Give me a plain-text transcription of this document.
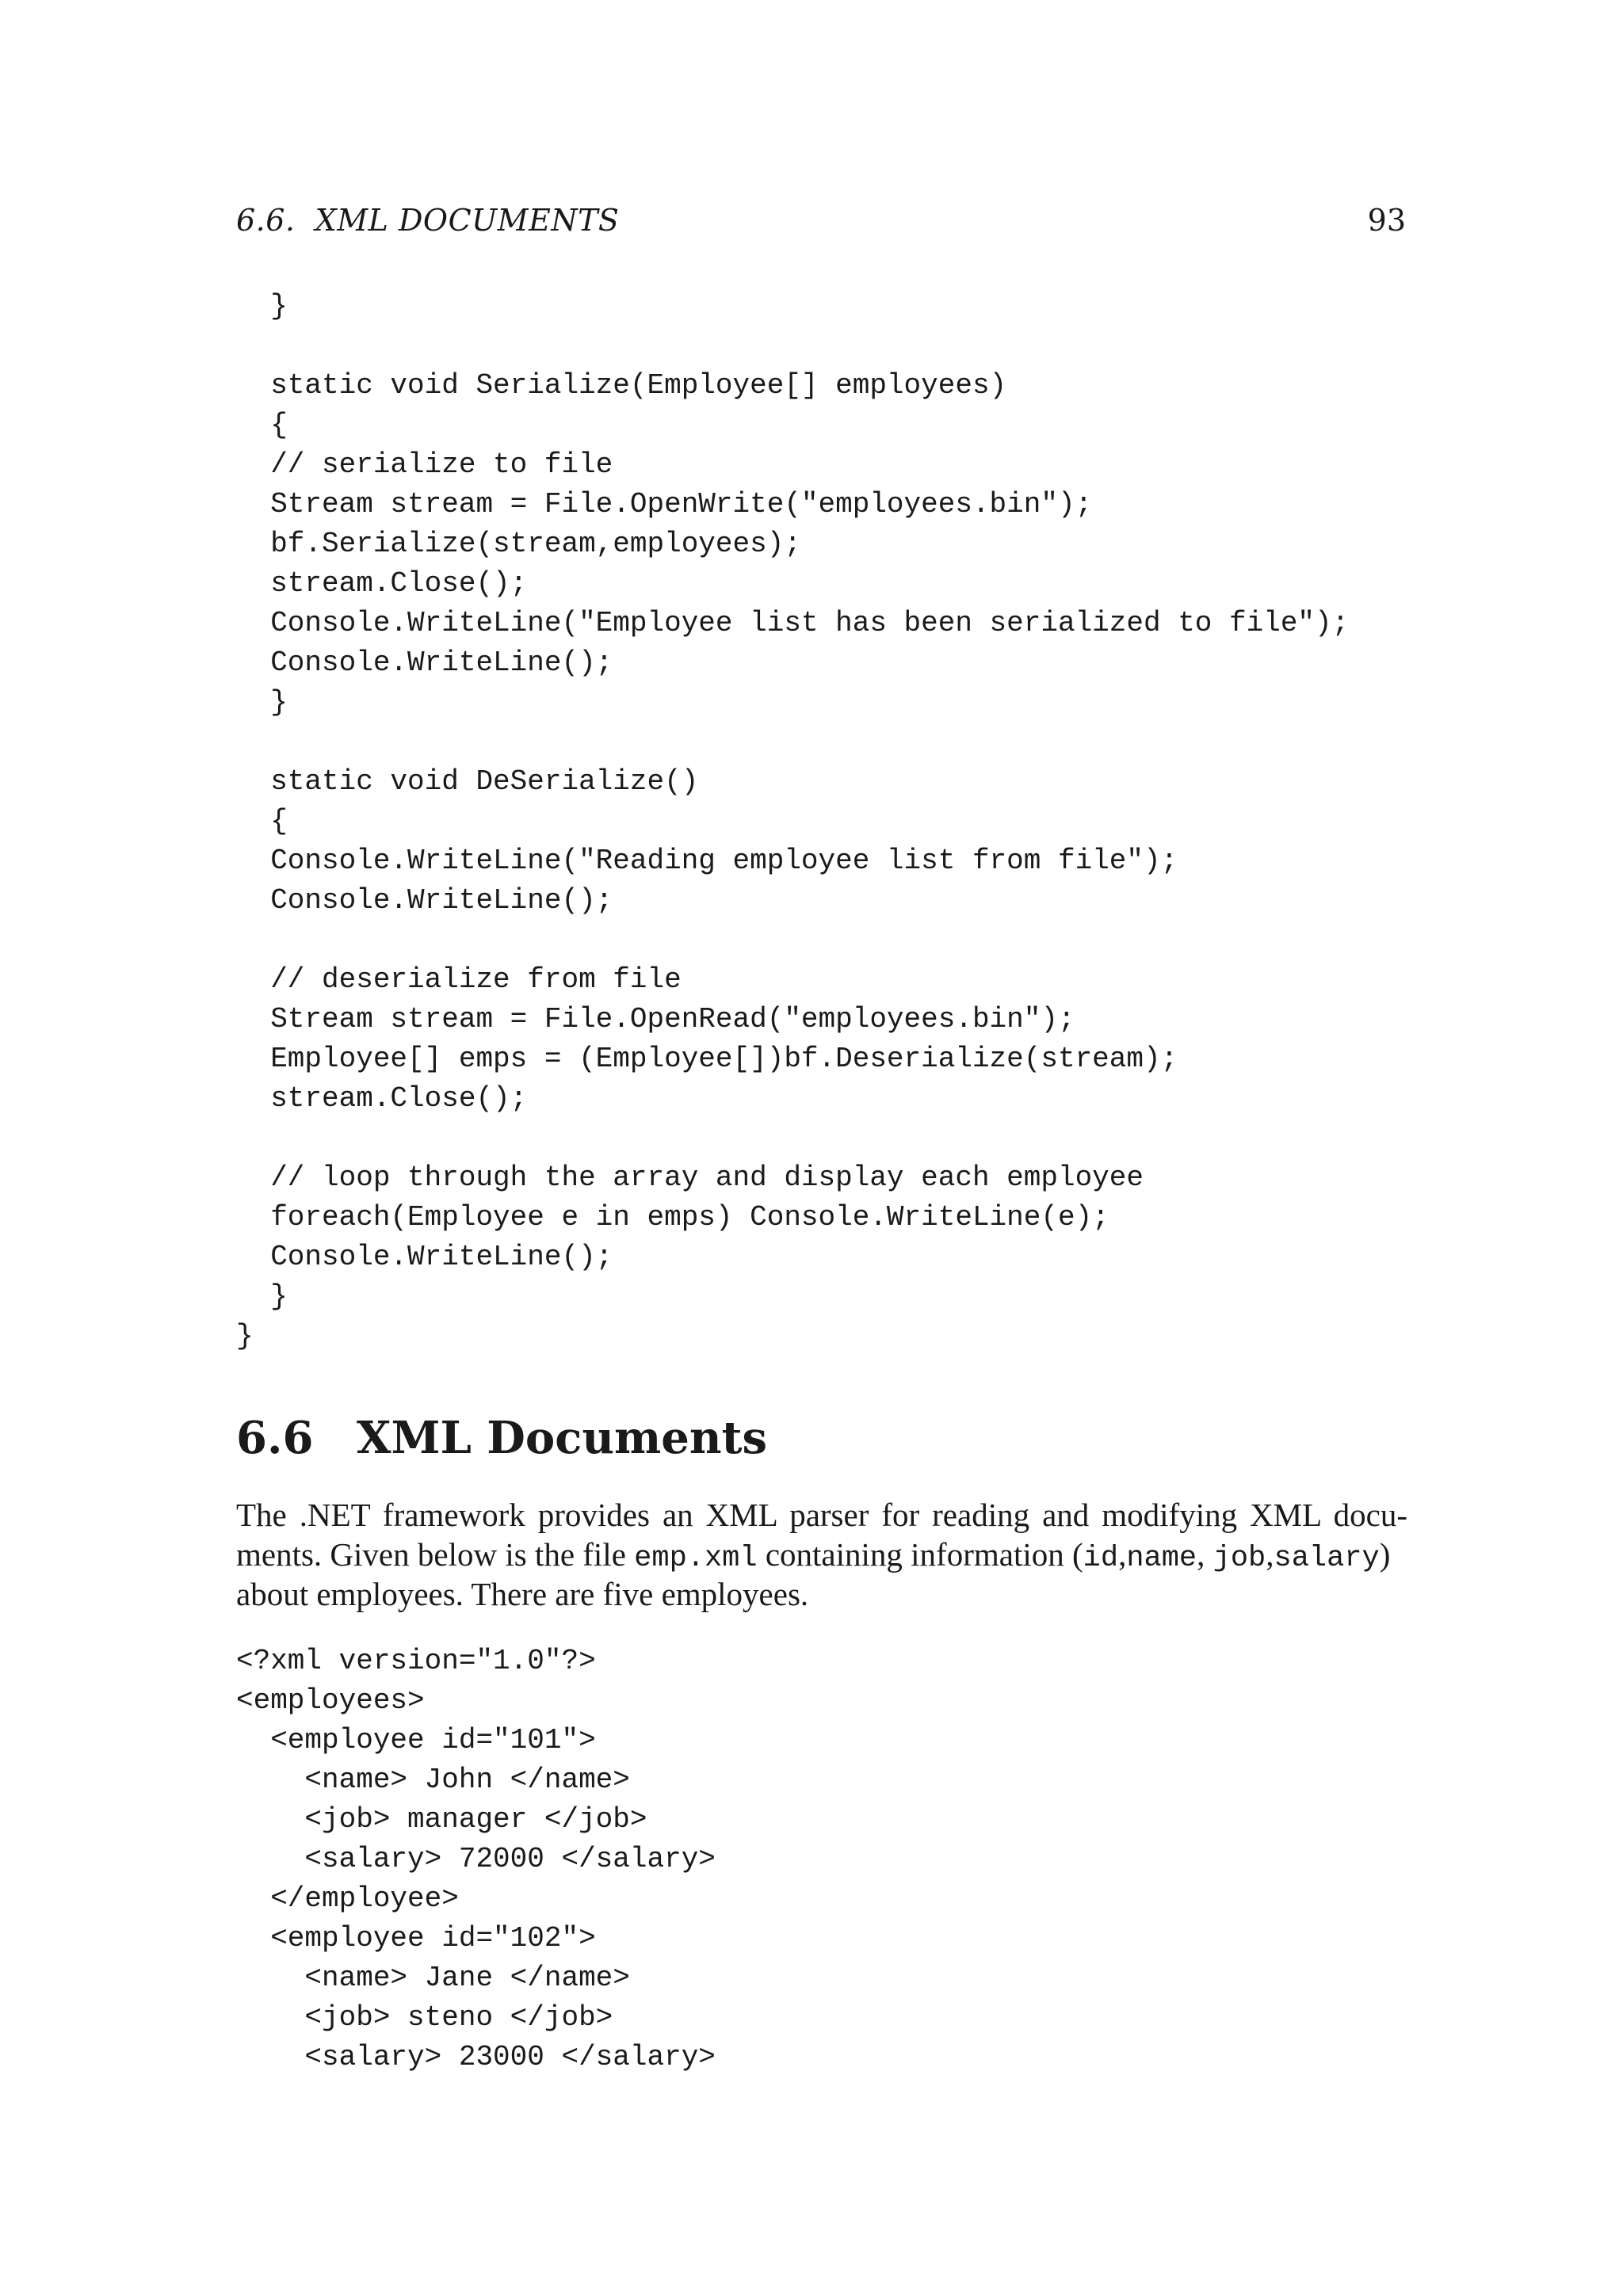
6.6.  XML DOCUMENTS	93
}

static void Serialize(Employee[] employees)
{
// serialize to file
Stream stream = File.OpenWrite("employees.bin");
bf.Serialize(stream,employees);
stream.Close();
Console.WriteLine("Employee list has been serialized to file");
Console.WriteLine();
}

static void DeSerialize()
{
Console.WriteLine("Reading employee list from file");
Console.WriteLine();

// deserialize from file
Stream stream = File.OpenRead("employees.bin");
Employee[] emps = (Employee[])bf.Deserialize(stream);
stream.Close();

// loop through the array and display each employee
foreach(Employee e in emps) Console.WriteLine(e);
Console.WriteLine();
}
}
6.6 XML Documents
The .NET framework provides an XML parser for reading and modifying XML docu-
ments. Given below is the file emp.xml containing information (id,name, job,salary)
about employees. There are five employees.
<?xml version="1.0"?>
<employees>
<employee id="101">
<name> John </name>
<job> manager </job>
<salary> 72000 </salary>
</employee>
<employee id="102">
<name> Jane </name>
<job> steno </job>
<salary> 23000 </salary>
